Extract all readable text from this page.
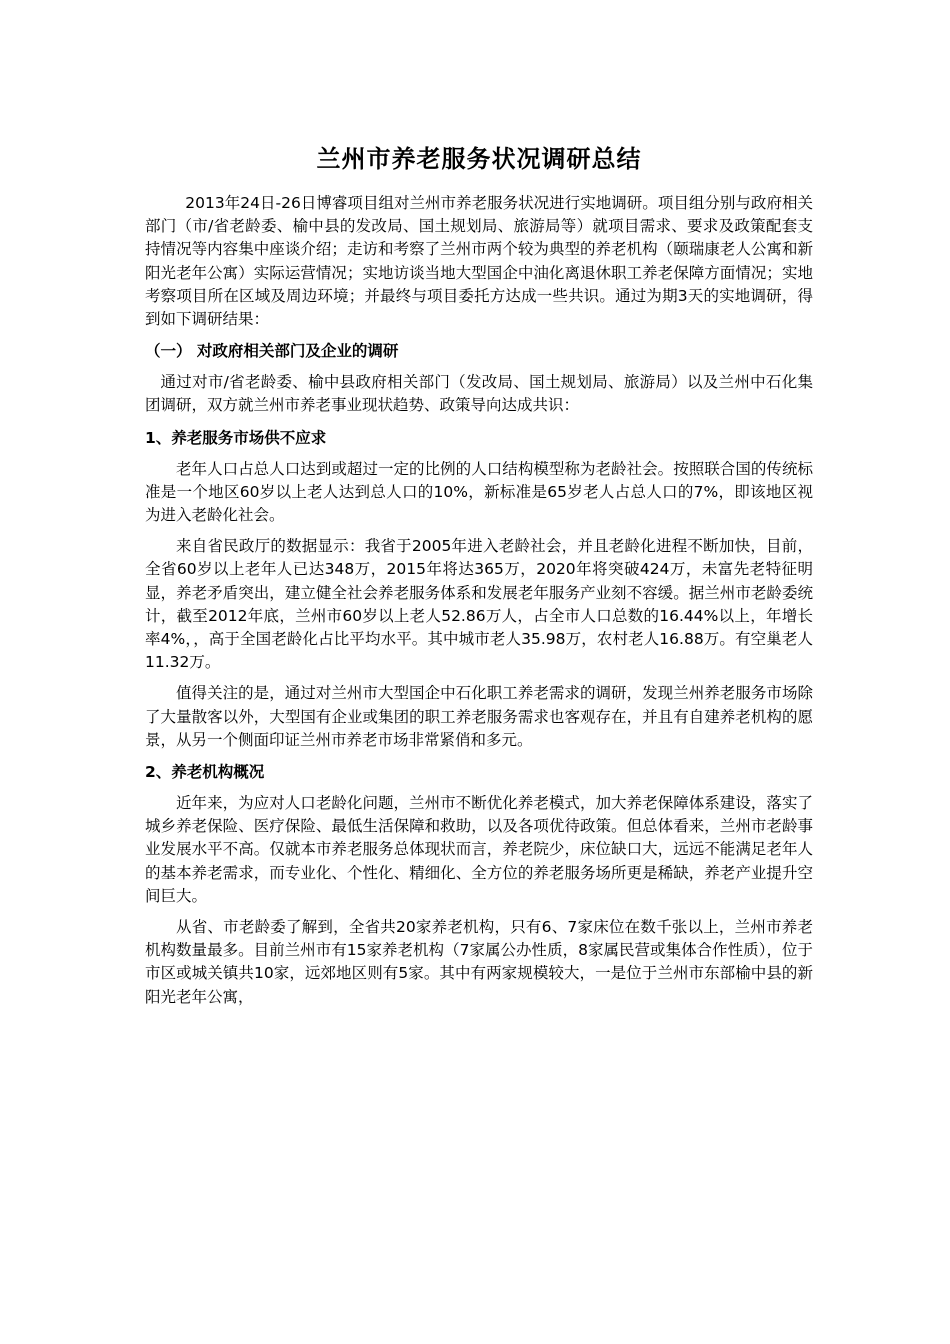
兰州市养老服务状况调研总结

2013年24日-26日博睿项目组对兰州市养老服务状况进行实地调研。项目组分别与政府相关部门（市/省老龄委、榆中县的发改局、国土规划局、旅游局等）就项目需求、要求及政策配套支持情况等内容集中座谈介绍；走访和考察了兰州市两个较为典型的养老机构（颐瑞康老人公寓和新阳光老年公寓）实际运营情况；实地访谈当地大型国企中油化离退休职工养老保障方面情况；实地考察项目所在区域及周边环境；并最终与项目委托方达成一些共识。通过为期3天的实地调研，得到如下调研结果：

（一） 对政府相关部门及企业的调研

通过对市/省老龄委、榆中县政府相关部门（发改局、国土规划局、旅游局）以及兰州中石化集团调研，双方就兰州市养老事业现状趋势、政策导向达成共识：

1、养老服务市场供不应求

老年人口占总人口达到或超过一定的比例的人口结构模型称为老龄社会。按照联合国的传统标准是一个地区60岁以上老人达到总人口的10%，新标准是65岁老人占总人口的7%，即该地区视为进入老龄化社会。

来自省民政厅的数据显示：我省于2005年进入老龄社会，并且老龄化进程不断加快，目前，全省60岁以上老年人已达348万，2015年将达365万，2020年将突破424万，未富先老特征明显，养老矛盾突出，建立健全社会养老服务体系和发展老年服务产业刻不容缓。据兰州市老龄委统计，截至2012年底，兰州市60岁以上老人52.86万人，占全市人口总数的16.44%以上，年增长率4%，，高于全国老龄化占比平均水平。其中城市老人35.98万，农村老人16.88万。有空巢老人11.32万。

值得关注的是，通过对兰州市大型国企中石化职工养老需求的调研，发现兰州养老服务市场除了大量散客以外，大型国有企业或集团的职工养老服务需求也客观存在，并且有自建养老机构的愿景，从另一个侧面印证兰州市养老市场非常紧俏和多元。

2、养老机构概况

近年来，为应对人口老龄化问题，兰州市不断优化养老模式，加大养老保障体系建设，落实了城乡养老保险、医疗保险、最低生活保障和救助，以及各项优待政策。但总体看来，兰州市老龄事业发展水平不高。仅就本市养老服务总体现状而言，养老院少，床位缺口大，远远不能满足老年人的基本养老需求，而专业化、个性化、精细化、全方位的养老服务场所更是稀缺，养老产业提升空间巨大。

从省、市老龄委了解到，全省共20家养老机构，只有6、7家床位在数千张以上，兰州市养老机构数量最多。目前兰州市有15家养老机构（7家属公办性质，8家属民营或集体合作性质），位于市区或城关镇共10家，远郊地区则有5家。其中有两家规模较大，一是位于兰州市东部榆中县的新阳光老年公寓，
